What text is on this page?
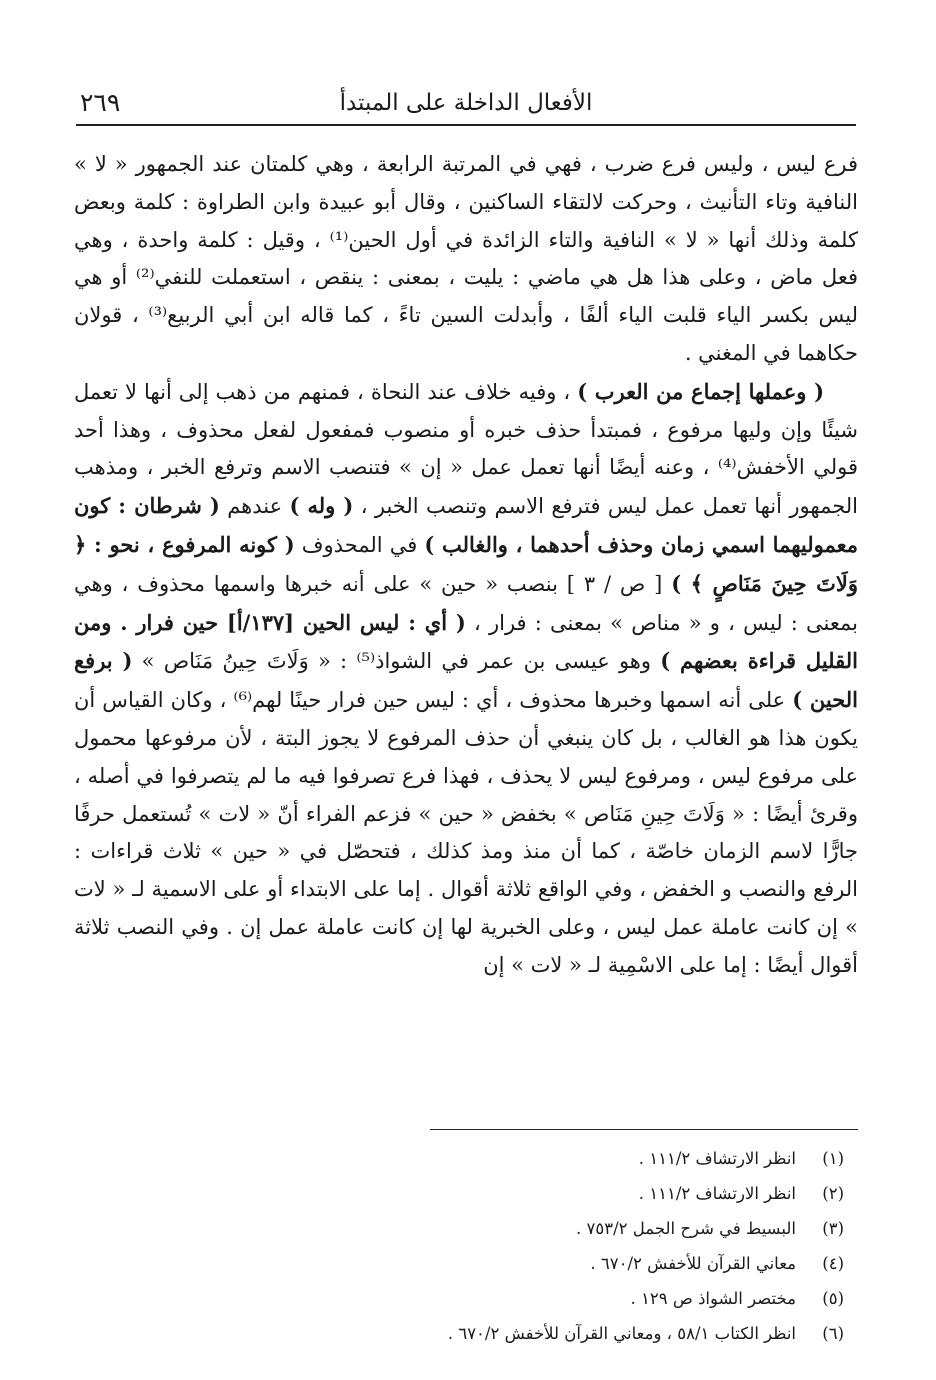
٢٦٩	الأفعال الداخلة على المبتدأ

فرع ليس ، وليس فرع ضرب ، فهي في المرتبة الرابعة ، وهي كلمتان عند الجمهور « لا » النافية وتاء التأنيث ، وحركت لالتقاء الساكنين ، وقال أبو عبيدة وابن الطراوة : كلمة وبعض كلمة وذلك أنها « لا » النافية والتاء الزائدة في أول الحين⁽¹⁾ ، وقيل : كلمة واحدة ، وهي فعل ماض ، وعلى هذا هل هي ماضي : يليت ، بمعنى : ينقص ، استعملت للنفي⁽²⁾ أو هي ليس بكسر الياء قلبت الياء ألفًا ، وأبدلت السين تاءً ، كما قاله ابن أبي الربيع⁽³⁾ ، قولان حكاهما في المغني .

( وعملها إجماع من العرب ) ، وفيه خلاف عند النحاة ، فمنهم من ذهب إلى أنها لا تعمل شيئًا وإن وليها مرفوع ، فمبتدأ حذف خبره أو منصوب فمفعول لفعل محذوف ، وهذا أحد قولي الأخفش⁽⁴⁾ ، وعنه أيضًا أنها تعمل عمل « إن » فتنصب الاسم وترفع الخبر ، ومذهب الجمهور أنها تعمل عمل ليس فترفع الاسم وتنصب الخبر ، ( وله ) عندهم ( شرطان : كون معموليهما اسمي زمان وحذف أحدهما ، والغالب ) في المحذوف ( كونه المرفوع ، نحو : ﴿ وَلَاتَ حِينَ مَنَاصٍ ﴾ ) [ ص / ٣ ] بنصب « حين » على أنه خبرها واسمها محذوف ، وهي بمعنى : ليس ، و « مناص » بمعنى : فرار ، ( أي : ليس الحين [١٣٧/أ] حين فرار . ومن القليل قراءة بعضهم ) وهو عيسى بن عمر في الشواذ⁽⁵⁾ : « وَلَاتَ حِينُ مَنَاص » ( برفع الحين ) على أنه اسمها وخبرها محذوف ، أي : ليس حين فرار حينًا لهم⁽⁶⁾ ، وكان القياس أن يكون هذا هو الغالب ، بل كان ينبغي أن حذف المرفوع لا يجوز البتة ، لأن مرفوعها محمول على مرفوع ليس ، ومرفوع ليس لا يحذف ، فهذا فرع تصرفوا فيه ما لم يتصرفوا في أصله ، وقرئ أيضًا : « وَلَاتَ حِينِ مَنَاص » بخفض « حين » فزعم الفراء أنّ « لات » تُستعمل حرفًا جارًّا لاسم الزمان خاصّة ، كما أن منذ ومذ كذلك ، فتحصّل في « حين » ثلاث قراءات : الرفع والنصب و الخفض ، وفي الواقع ثلاثة أقوال . إما على الابتداء أو على الاسمية لـ « لات » إن كانت عاملة عمل ليس ، وعلى الخبرية لها إن كانت عاملة عمل إن . وفي النصب ثلاثة أقوال أيضًا : إما على الاسْمِية لـ « لات » إن

(١)
انظر الارتشاف ١١١/٢ .
(٢)
انظر الارتشاف ١١١/٢ .
(٣)
البسيط في شرح الجمل ٧٥٣/٢ .
(٤)
معاني القرآن للأخفش ٦٧٠/٢ .
(٥)
مختصر الشواذ ص ١٢٩ .
(٦)
انظر الكتاب ٥٨/١ ، ومعاني القرآن للأخفش ٦٧٠/٢ .
